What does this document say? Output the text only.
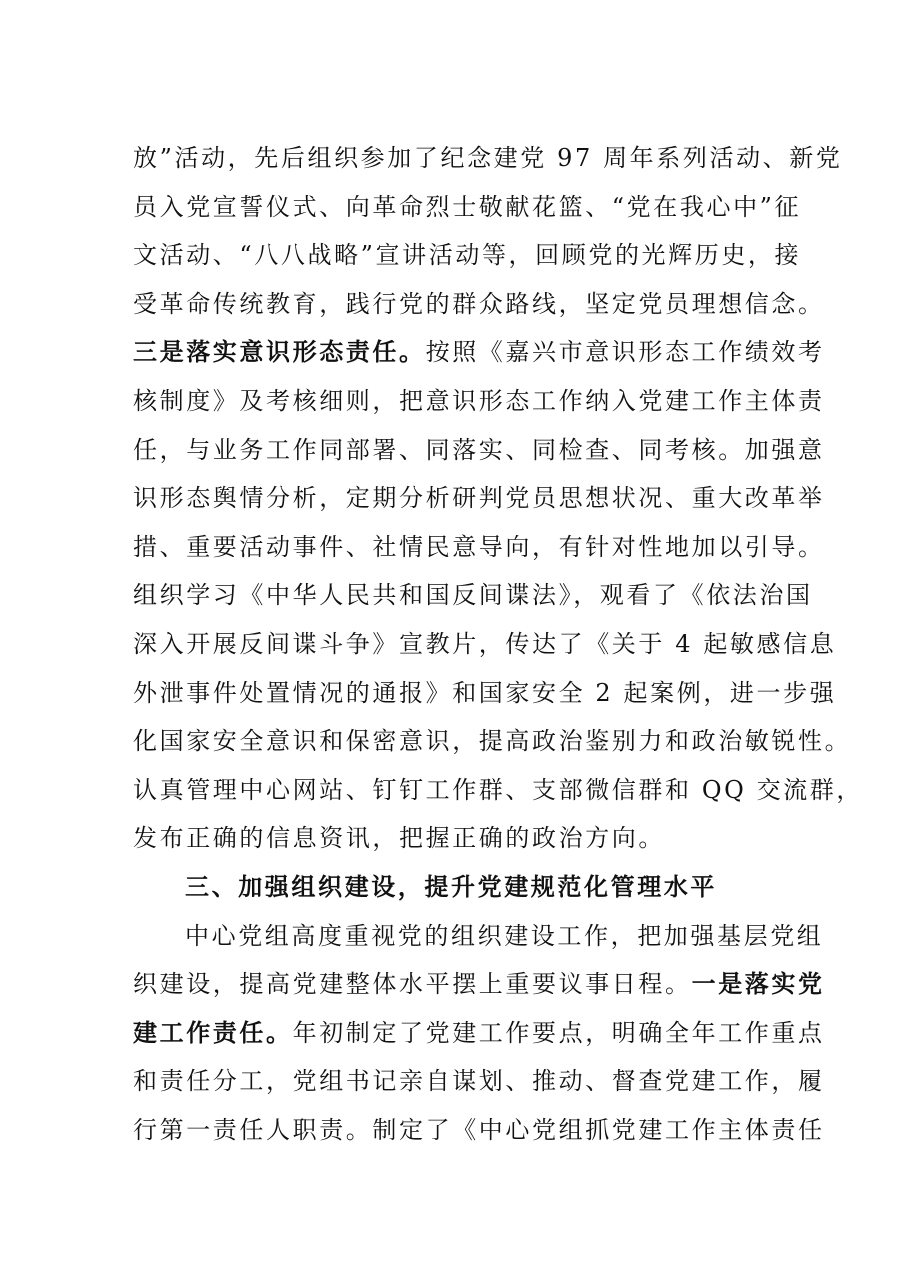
放”活动，先后组织参加了纪念建党 97 周年系列活动、新党
员入党宣誓仪式、向革命烈士敬献花篮、“党在我心中”征
文活动、“八八战略”宣讲活动等，回顾党的光辉历史，接
受革命传统教育，践行党的群众路线，坚定党员理想信念。
三是落实意识形态责任。按照《嘉兴市意识形态工作绩效考
核制度》及考核细则，把意识形态工作纳入党建工作主体责
任，与业务工作同部署、同落实、同检查、同考核。加强意
识形态舆情分析，定期分析研判党员思想状况、重大改革举
措、重要活动事件、社情民意导向，有针对性地加以引导。
组织学习《中华人民共和国反间谍法》，观看了《依法治国
深入开展反间谍斗争》宣教片，传达了《关于 4 起敏感信息
外泄事件处置情况的通报》和国家安全 2 起案例，进一步强
化国家安全意识和保密意识，提高政治鉴别力和政治敏锐性。
认真管理中心网站、钉钉工作群、支部微信群和 QQ 交流群，
发布正确的信息资讯，把握正确的政治方向。
三、加强组织建设，提升党建规范化管理水平
中心党组高度重视党的组织建设工作，把加强基层党组
织建设，提高党建整体水平摆上重要议事日程。一是落实党
建工作责任。年初制定了党建工作要点，明确全年工作重点
和责任分工，党组书记亲自谋划、推动、督查党建工作，履
行第一责任人职责。制定了《中心党组抓党建工作主体责任
